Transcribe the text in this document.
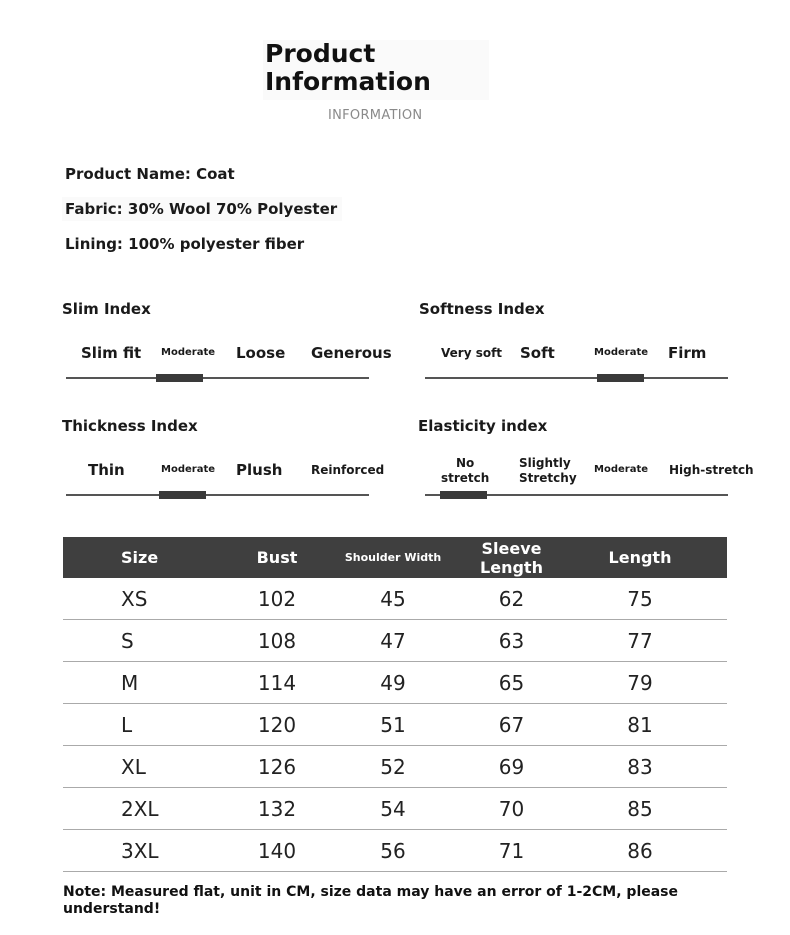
Product
Information
INFORMATION
Product Name: Coat
Fabric: 30% Wool 70% Polyester
Lining: 100% polyester fiber
Slim Index
Slim fit Moderate Loose Generous
Softness Index
Very soft Soft	Moderate Firm
Thickness Index
Thin	Moderate Plush Reinforced
Elasticity index
No
stretch
Slightly
Stretchy
Moderate High-stretch
Size	Bust	Shoulder Width	Sleeve Length	Length
XS	102	45	62	75
S	108	47	63	77
M	114	49	65	79
L	120	51	67	81
XL	126	52	69	83
2XL	132	54	70	85
3XL	140	56	71	86
Note: Measured flat, unit in CM, size data may have an error of 1-2CM, please understand!
